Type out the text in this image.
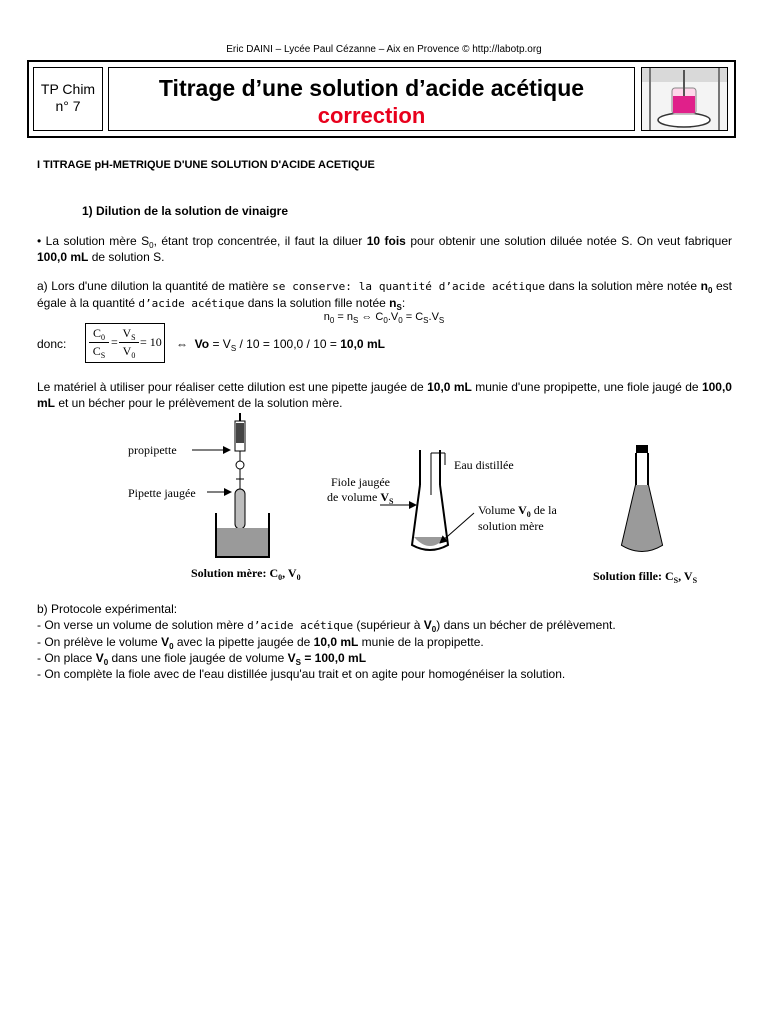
Eric DAINI – Lycée Paul Cézanne – Aix en Provence © http://labotp.org
TP Chim
n° 7
Titrage d’une solution d’acide acétique
correction
I TITRAGE pH-METRIQUE D'UNE SOLUTION D'ACIDE ACETIQUE
1) Dilution de la solution de vinaigre
• La solution mère $S_0$, étant trop concentrée, il faut la diluer 10 fois pour obtenir une solution diluée notée S. On veut fabriquer 100,0 mL de solution S.
a) Lors d'une dilution la quantité de matière se conserve: la quantité d’acide acétique dans la solution mère notée $n_0$ est égale à la quantité d’acide acétique dans la solution fille notée $n_S$:
$n_0 = n_S$ ⇔ $C_0.V_0 = C_S.V_S$
donc:
$C_0$
$C_S$
=
$V_S$
$V_0$
= 10 ⇔ $Vo = V_S / 10 = 100,0 / 10 = 10,0$ mL
Le matériel à utiliser pour réaliser cette dilution est une pipette jaugée de 10,0 mL munie d'une propipette, une fiole jaugé de 100,0 mL et un bécher pour le prélèvement de la solution mère.
propipette
Pipette jaugée
Solution mère: $C_0$, $V_0$
Eau distillée
Fiole jaugée
de volume $V_S$
Volume $V_0$ de la
solution mère
Solution fille: $C_S$, $V_S$
b) Protocole expérimental:
- On verse un volume de solution mère d’acide acétique (supérieur à $V_0$) dans un bécher de prélèvement.
- On prélève le volume $V_0$ avec la pipette jaugée de 10,0 mL munie de la propipette.
- On place $V_0$ dans une fiole jaugée de volume $V_S = 100,0$ mL
- On complète la fiole avec de l'eau distillée jusqu'au trait et on agite pour homogénéiser la solution.
